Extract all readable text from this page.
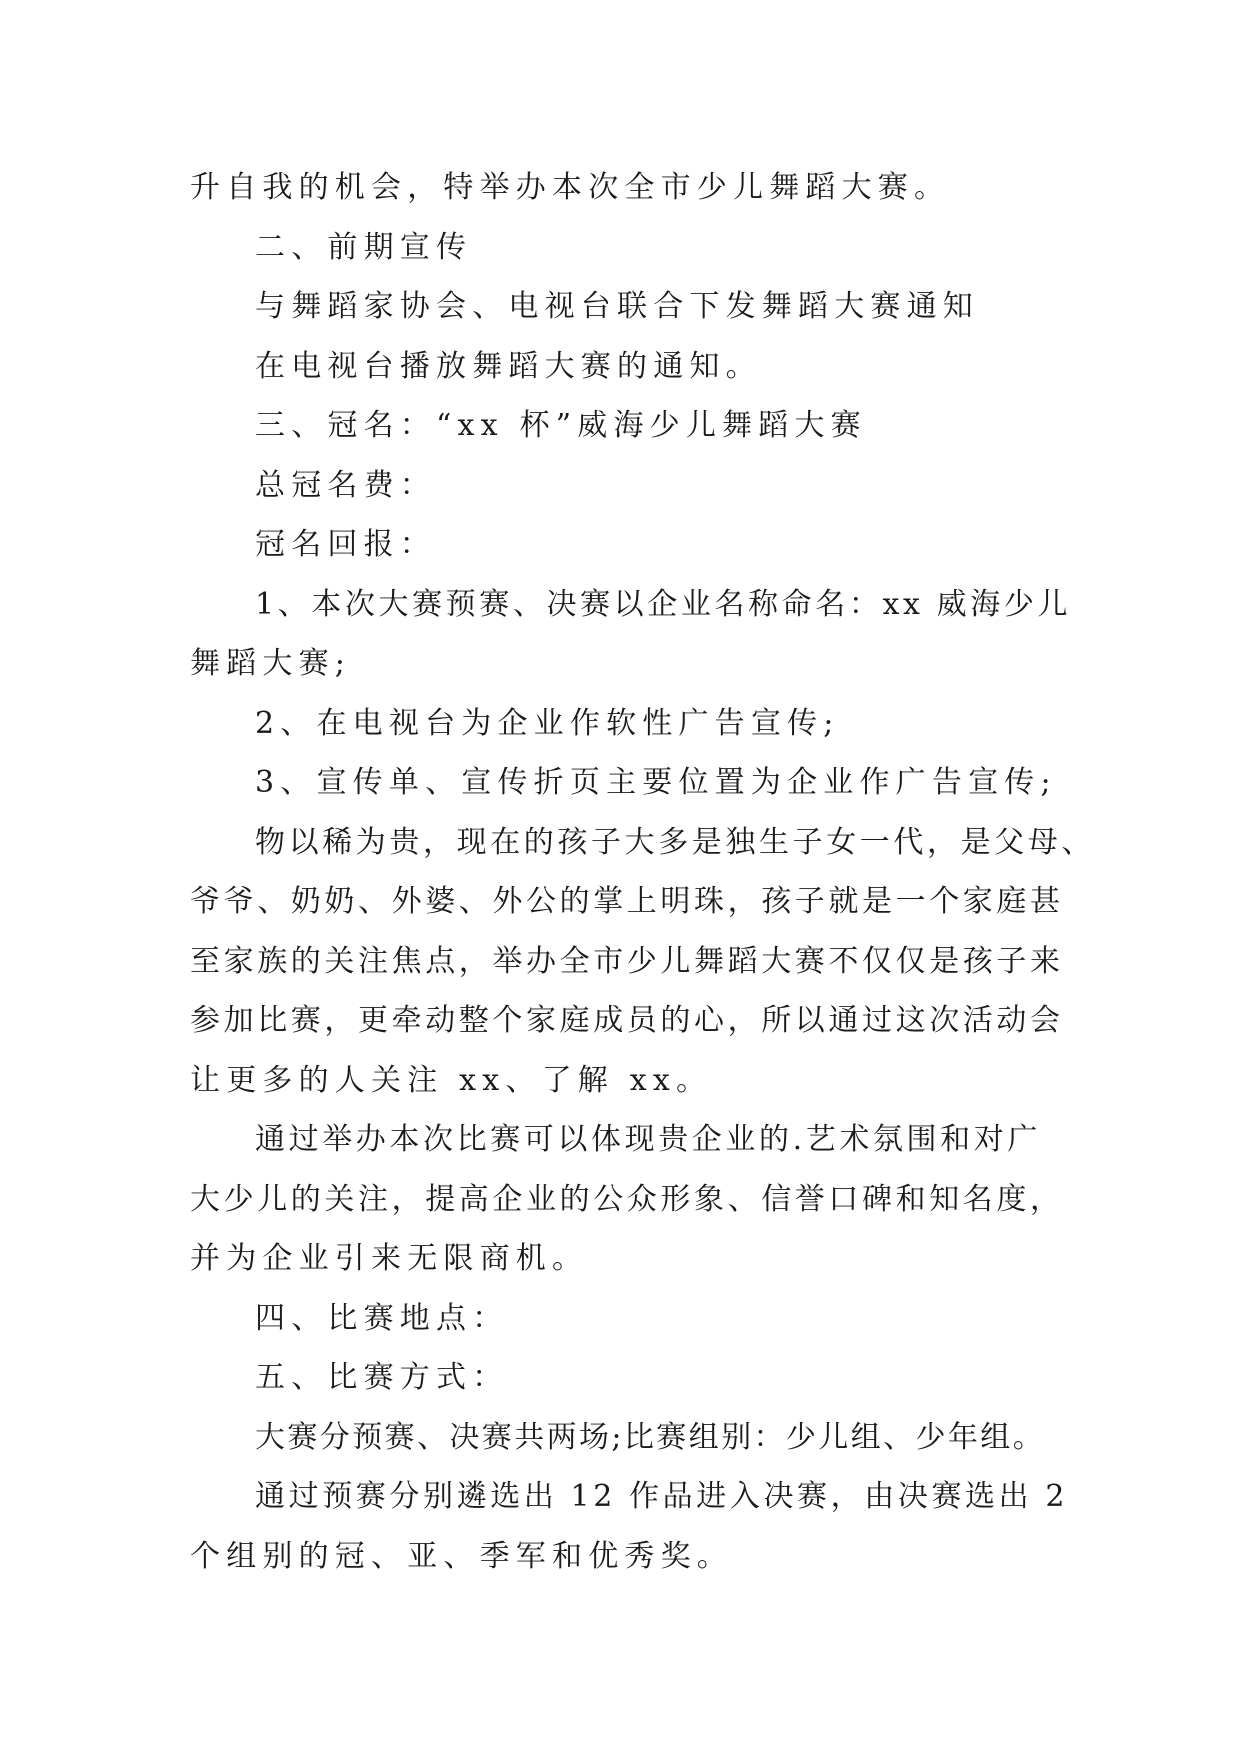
升自我的机会，特举办本次全市少儿舞蹈大赛。
二、前期宣传
与舞蹈家协会、电视台联合下发舞蹈大赛通知
在电视台播放舞蹈大赛的通知。
三、冠名：“xx 杯”威海少儿舞蹈大赛
总冠名费：
冠名回报：
1、本次大赛预赛、决赛以企业名称命名：xx 威海少儿
舞蹈大赛;
2、在电视台为企业作软性广告宣传;
3、宣传单、宣传折页主要位置为企业作广告宣传;
物以稀为贵，现在的孩子大多是独生子女一代，是父母、
爷爷、奶奶、外婆、外公的掌上明珠，孩子就是一个家庭甚
至家族的关注焦点，举办全市少儿舞蹈大赛不仅仅是孩子来
参加比赛，更牵动整个家庭成员的心，所以通过这次活动会
让更多的人关注 xx、了解 xx。
通过举办本次比赛可以体现贵企业的.艺术氛围和对广
大少儿的关注，提高企业的公众形象、信誉口碑和知名度，
并为企业引来无限商机。
四、比赛地点：
五、比赛方式：
大赛分预赛、决赛共两场;比赛组别：少儿组、少年组。
通过预赛分别遴选出 12 作品进入决赛，由决赛选出 2
个组别的冠、亚、季军和优秀奖。
